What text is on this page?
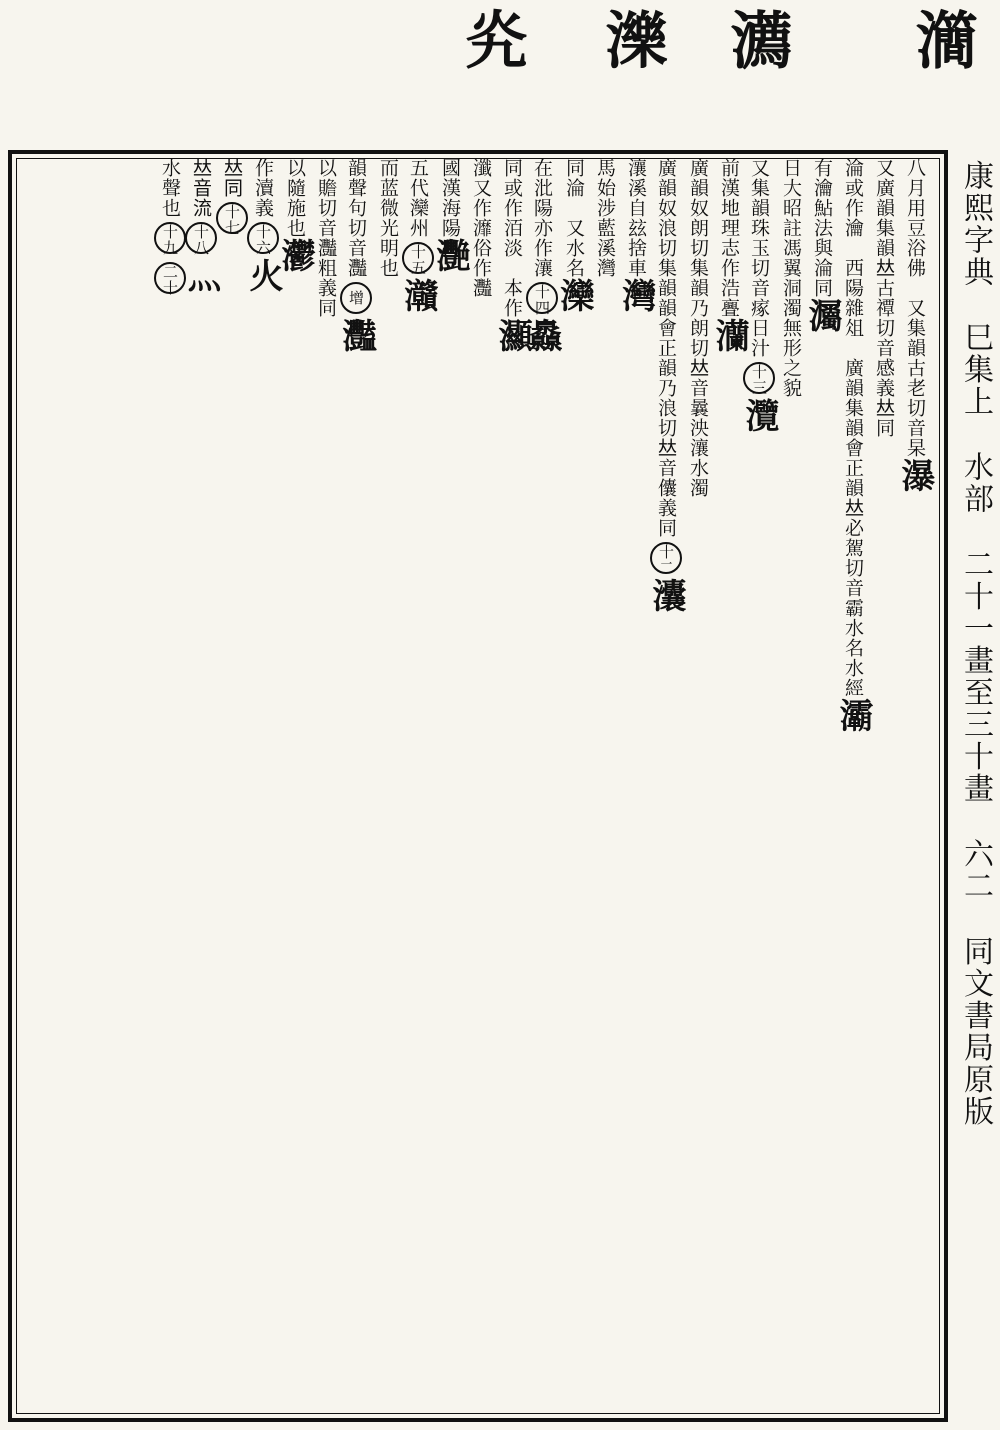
㶕
瀳
濼
㶢
康熙字典 巳集上 水部 二十一畫至三十畫 六二 同文書局原版
八月用豆浴佛　又集韻古老切音杲瀑
又廣韻集韻𠀤古禫切音感義𠀤同
淪或作瀹　西陽雜俎　廣韻集韻會正韻𠀤必駕切音霸水名水經灞
有瀹鮎法與淪同灟
日大昭註馮翼洞濁無形之貌
又集韻珠玉切音瘃日汁十三灠
前漢地理志作浩亹灡
廣韻奴朗切集韻乃朗切𠀤音曩泱瀼水濁
廣韻奴浪切集韻韻會正韻乃浪切𠀤音儾義同十二灢
瀼溪自玆捨車灣
馬始涉藍溪灣
同淪　又水名灤
在沘陽亦作瀼十四灥
同或作洦淡　本作灦
瀸又作灖俗作灩
國漢海陽灧
五代灤州十五灨
而蓝微光明也
韻聲句切音灩增灩
以贍切音灩粗義同
以隨施也灪
作瀆義十六火
𠀤同十七
𠀤音流十八灬
水聲也十九二十
